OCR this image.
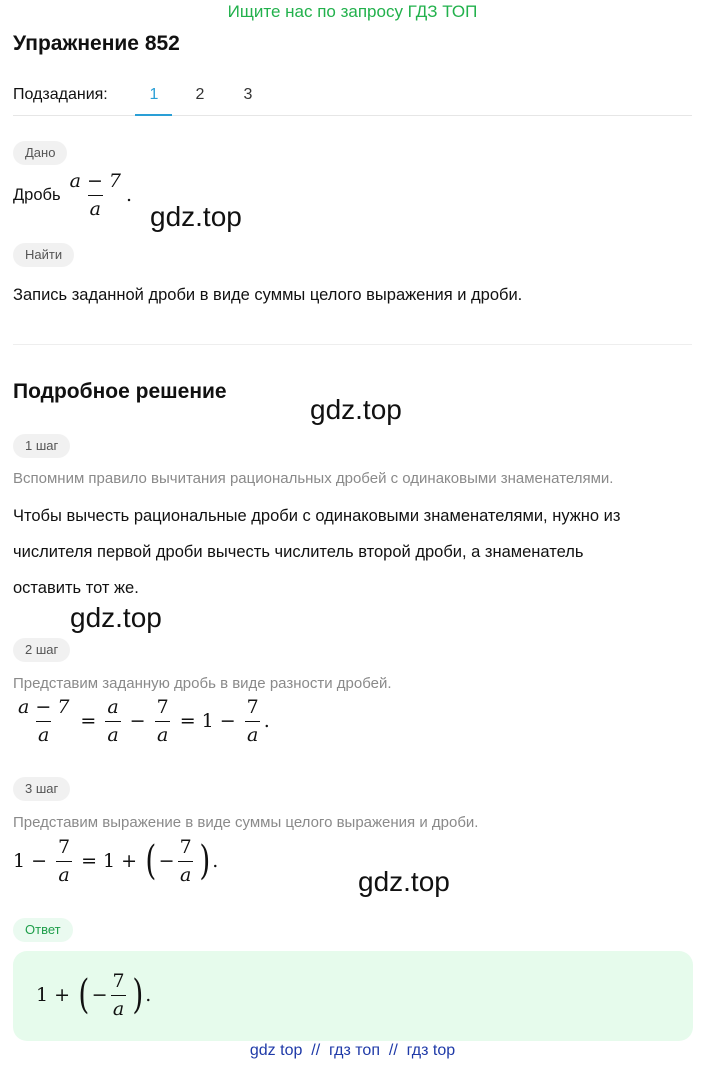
Ищите нас по запросу ГДЗ ТОП
Упражнение 852
Подзадания:	1	2	3
Дано
Дробь $\frac{a - 7}{a}$ .
gdz.top
Найти
Запись заданной дроби в виде суммы целого выражения и дроби.
Подробное решение
gdz.top
1 шаг
Вспомним правило вычитания рациональных дробей с одинаковыми знаменателями.
Чтобы вычесть рациональные дроби с одинаковыми знаменателями, нужно из
числителя первой дроби вычесть числитель второй дроби, а знаменатель
оставить тот же.
gdz.top
2 шаг
Представим заданную дробь в виде разности дробей.
$\frac{a - 7}{a} = \frac{a}{a} - \frac{7}{a} = 1 - \frac{7}{a}$ .
3 шаг
Представим выражение в виде суммы целого выражения и дроби.
$1 - \frac{7}{a} = 1$ + ( − $\frac{7}{a}$ ) .
gdz.top
Ответ
1 + ( − $\frac{7}{a}$ ) .
gdz top  //  гдз топ  //  гдз top
